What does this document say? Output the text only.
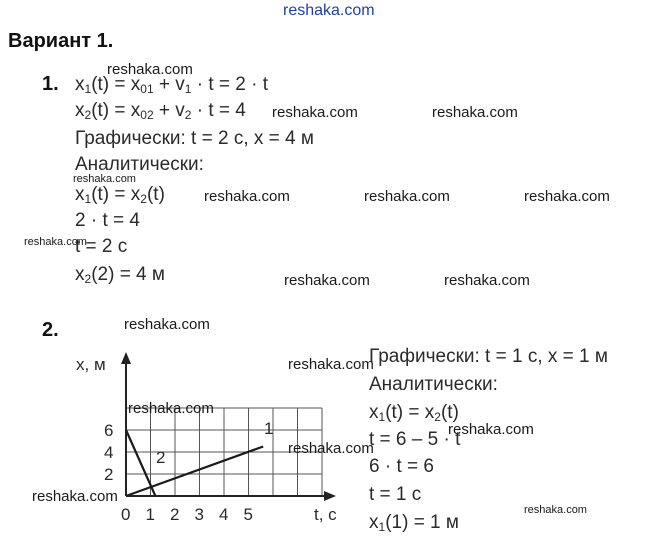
reshaka.com
Вариант 1.
1. $x_1(t) = x_{01} + v_1 \cdot t = 2 \cdot t$
$x_2(t) = x_{02} + v_2 \cdot t = 4$
Графически: t = 2 с, x = 4 м
Аналитически:
$x_1(t) = x_2(t)$
2 · t = 4
t = 2 с
$x_2(2) = 4$ м
2.
x, м
t, с
0 1 2 3 4 5
2
4
6	1
2
Графически: t = 1 с, x = 1 м
Аналитически:
$x_1(t) = x_2(t)$
t = 6 – 5 · t
6 · t = 6
t = 1 с
$x_1(1) = 1$ м
reshaka.com
reshaka.com	reshaka.com
reshaka.com
reshaka.com	reshaka.com	reshaka.com
reshaka.com
reshaka.com	reshaka.com
reshaka.com
reshaka.com
reshaka.com
reshaka.com
reshaka.com
reshaka.com
reshaka.com
